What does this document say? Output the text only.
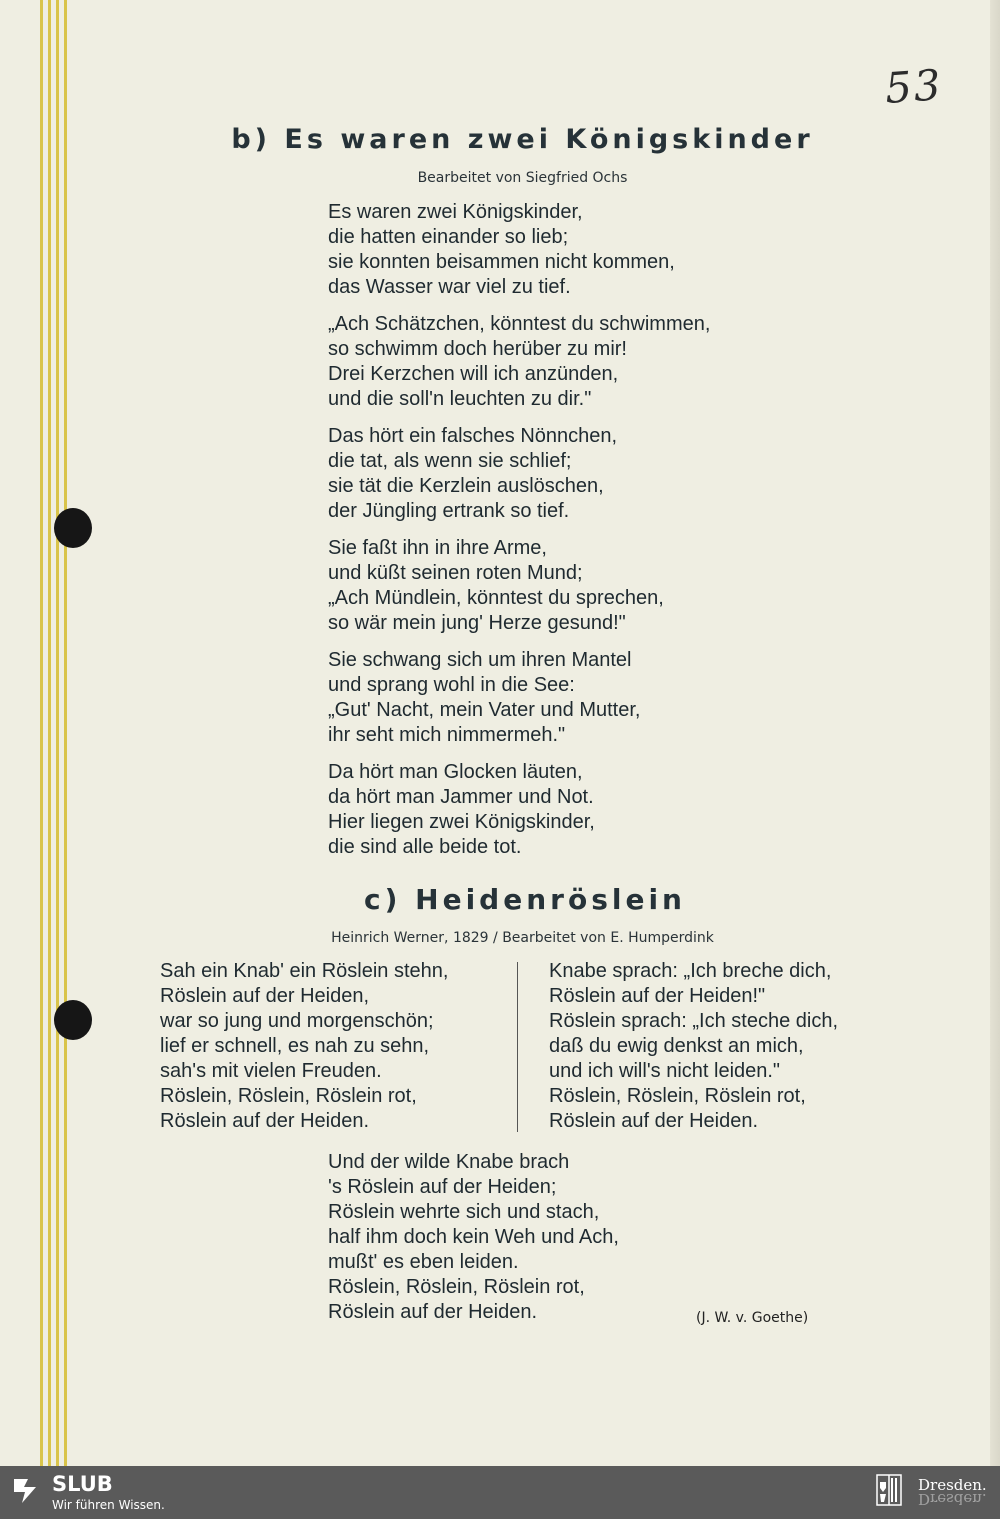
53
b) Es waren zwei Königskinder
Bearbeitet von Siegfried Ochs
Es waren zwei Königskinder,
die hatten einander so lieb;
sie konnten beisammen nicht kommen,
das Wasser war viel zu tief.
„Ach Schätzchen, könntest du schwimmen,
so schwimm doch herüber zu mir!
Drei Kerzchen will ich anzünden,
und die soll'n leuchten zu dir."
Das hört ein falsches Nönnchen,
die tat, als wenn sie schlief;
sie tät die Kerzlein auslöschen,
der Jüngling ertrank so tief.
Sie faßt ihn in ihre Arme,
und küßt seinen roten Mund;
„Ach Mündlein, könntest du sprechen,
so wär mein jung' Herze gesund!"
Sie schwang sich um ihren Mantel
und sprang wohl in die See:
„Gut' Nacht, mein Vater und Mutter,
ihr seht mich nimmermeh."
Da hört man Glocken läuten,
da hört man Jammer und Not.
Hier liegen zwei Königskinder,
die sind alle beide tot.
c) Heidenröslein
Heinrich Werner, 1829 / Bearbeitet von E. Humperdink
Sah ein Knab' ein Röslein stehn,
Röslein auf der Heiden,
war so jung und morgenschön;
lief er schnell, es nah zu sehn,
sah's mit vielen Freuden.
Röslein, Röslein, Röslein rot,
Röslein auf der Heiden.
Knabe sprach: „Ich breche dich,
Röslein auf der Heiden!"
Röslein sprach: „Ich steche dich,
daß du ewig denkst an mich,
und ich will's nicht leiden."
Röslein, Röslein, Röslein rot,
Röslein auf der Heiden.
Und der wilde Knabe brach
's Röslein auf der Heiden;
Röslein wehrte sich und stach,
half ihm doch kein Weh und Ach,
mußt' es eben leiden.
Röslein, Röslein, Röslein rot,
Röslein auf der Heiden.	(J. W. v. Goethe)
SLUB
Wir führen Wissen.
Dresden.
Dresden.
